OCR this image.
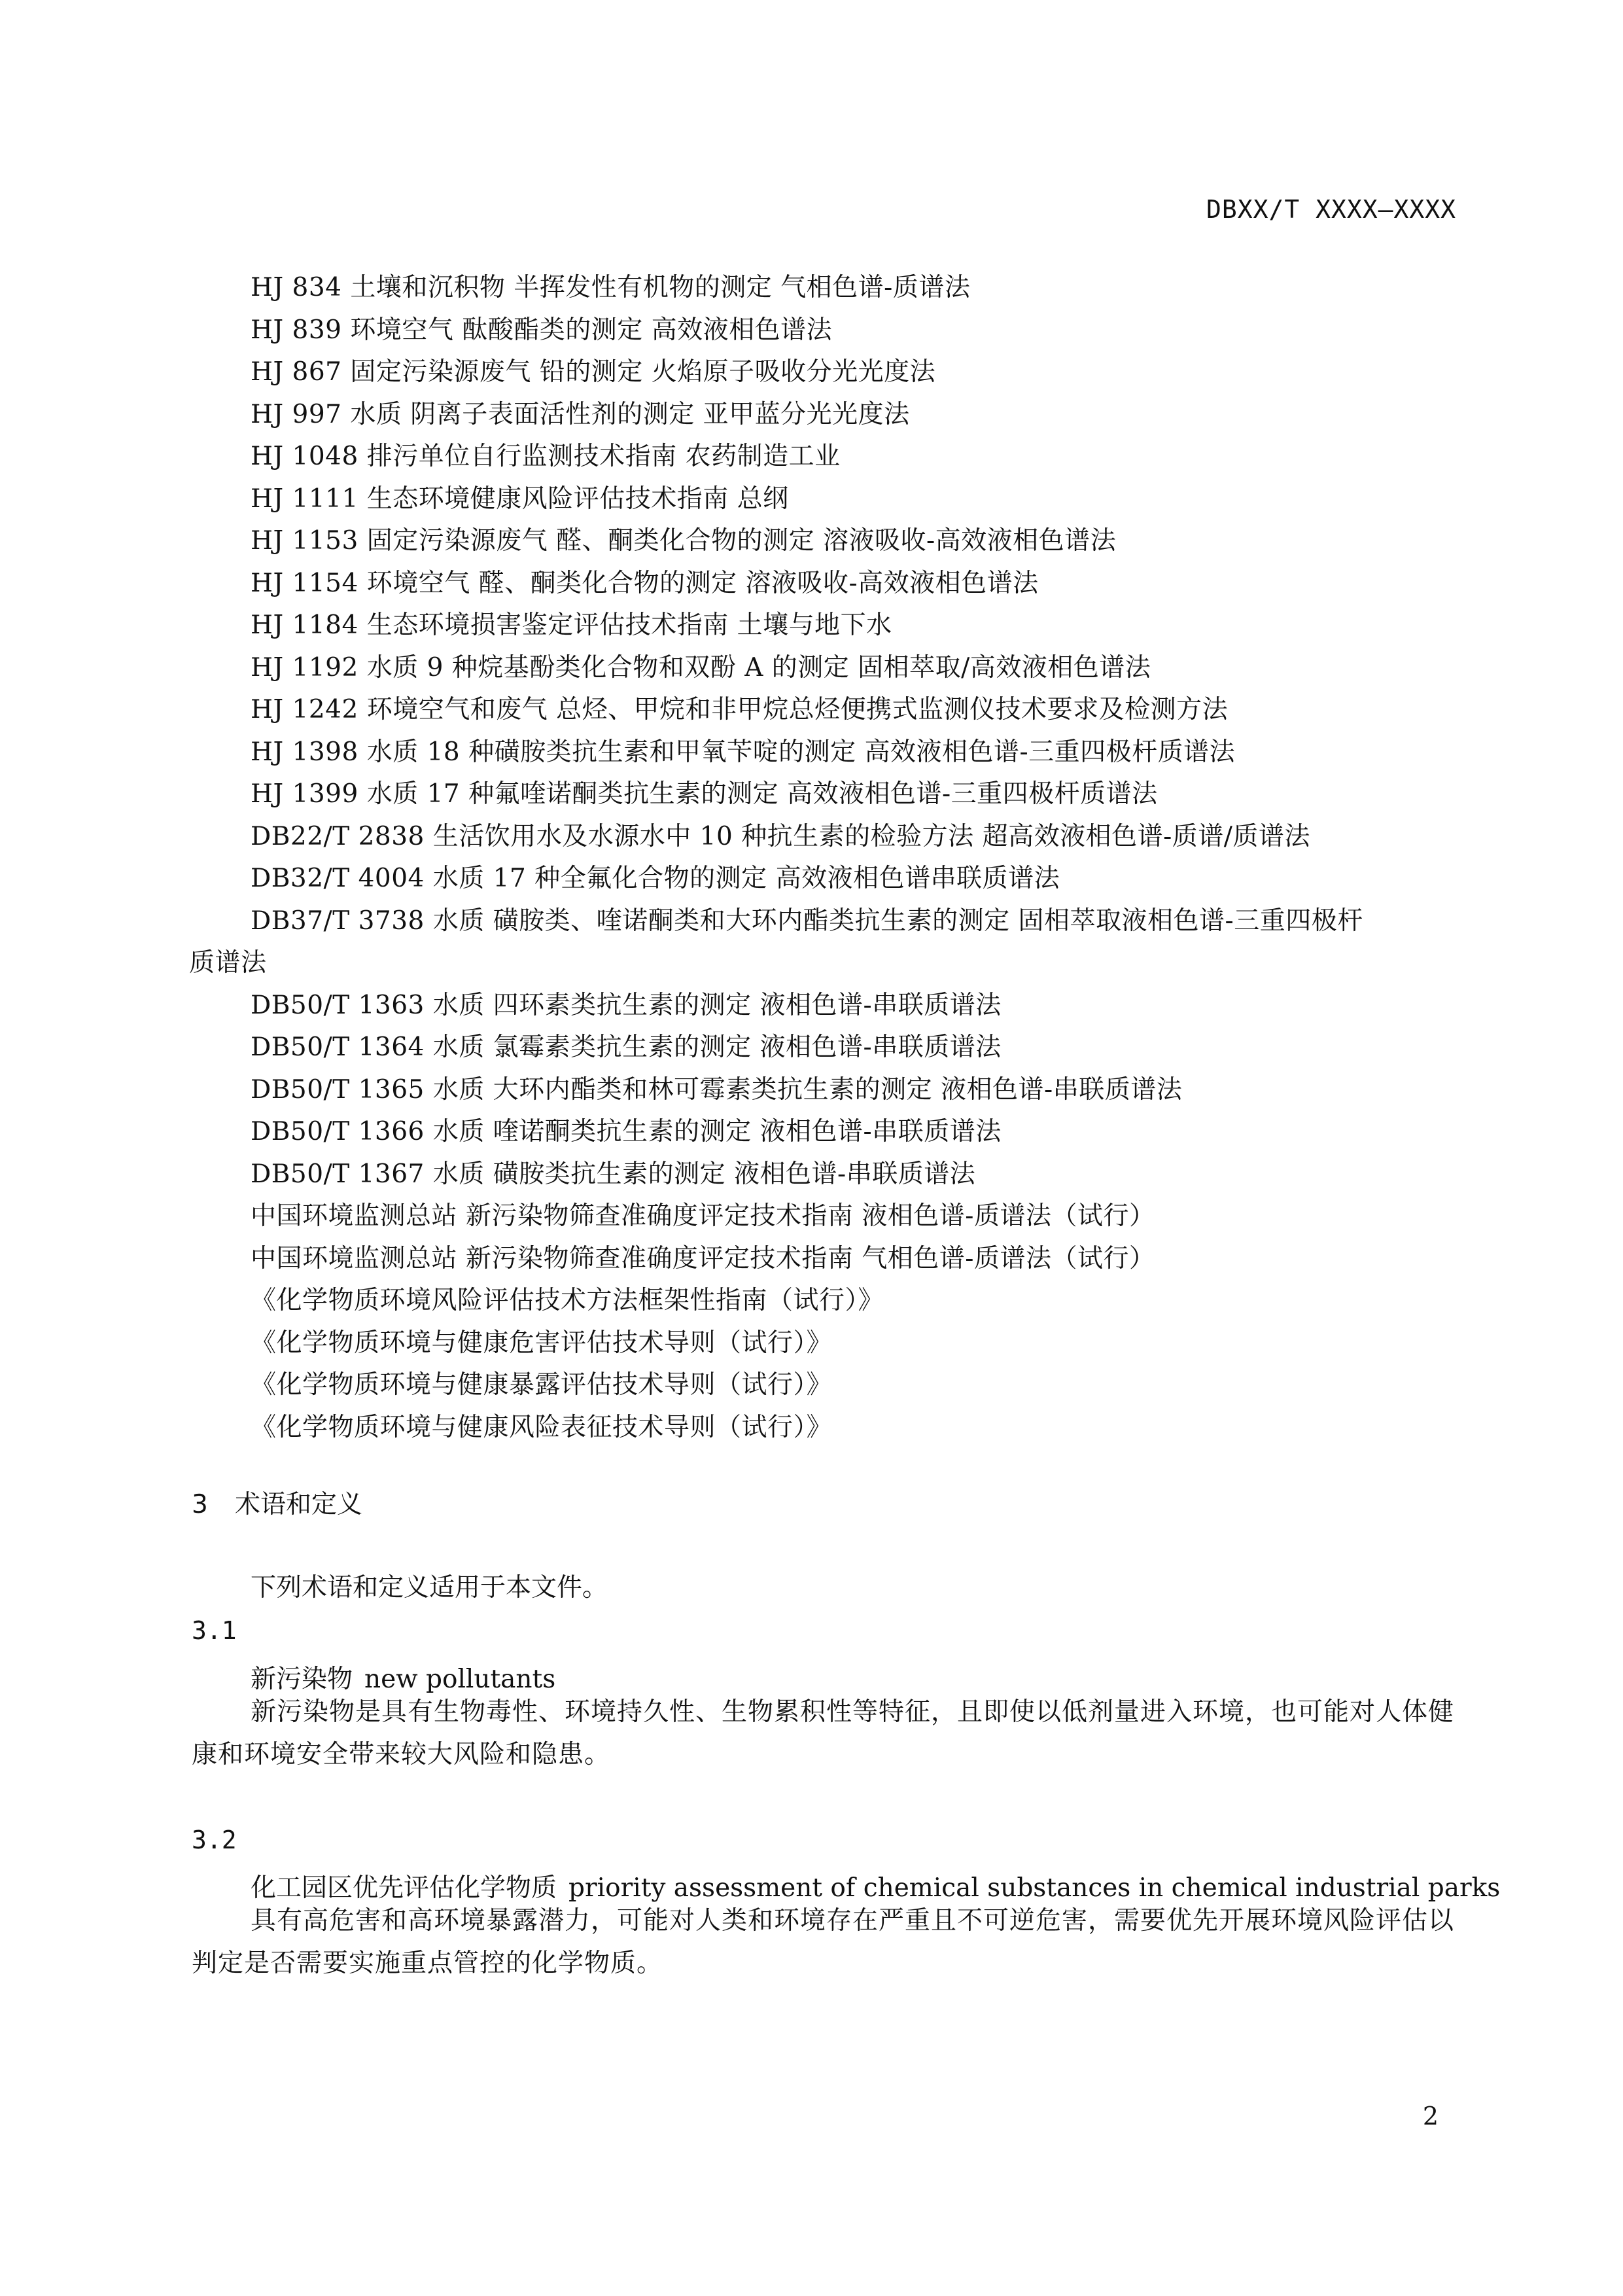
DBXX/T XXXX—XXXX
HJ 834 土壤和沉积物 半挥发性有机物的测定 气相色谱-质谱法
HJ 839 环境空气 酞酸酯类的测定 高效液相色谱法
HJ 867 固定污染源废气 铅的测定 火焰原子吸收分光光度法
HJ 997 水质 阴离子表面活性剂的测定 亚甲蓝分光光度法
HJ 1048 排污单位自行监测技术指南 农药制造工业
HJ 1111 生态环境健康风险评估技术指南 总纲
HJ 1153 固定污染源废气 醛、酮类化合物的测定 溶液吸收-高效液相色谱法
HJ 1154 环境空气 醛、酮类化合物的测定 溶液吸收-高效液相色谱法
HJ 1184 生态环境损害鉴定评估技术指南 土壤与地下水
HJ 1192 水质 9 种烷基酚类化合物和双酚 A 的测定 固相萃取/高效液相色谱法
HJ 1242 环境空气和废气 总烃、甲烷和非甲烷总烃便携式监测仪技术要求及检测方法
HJ 1398 水质 18 种磺胺类抗生素和甲氧苄啶的测定 高效液相色谱-三重四极杆质谱法
HJ 1399 水质 17 种氟喹诺酮类抗生素的测定 高效液相色谱-三重四极杆质谱法
DB22/T 2838 生活饮用水及水源水中 10 种抗生素的检验方法 超高效液相色谱-质谱/质谱法
DB32/T 4004 水质 17 种全氟化合物的测定 高效液相色谱串联质谱法
DB37/T 3738 水质 磺胺类、喹诺酮类和大环内酯类抗生素的测定 固相萃取液相色谱-三重四极杆
质谱法
DB50/T 1363 水质 四环素类抗生素的测定 液相色谱-串联质谱法
DB50/T 1364 水质 氯霉素类抗生素的测定 液相色谱-串联质谱法
DB50/T 1365 水质 大环内酯类和林可霉素类抗生素的测定 液相色谱-串联质谱法
DB50/T 1366 水质 喹诺酮类抗生素的测定 液相色谱-串联质谱法
DB50/T 1367 水质 磺胺类抗生素的测定 液相色谱-串联质谱法
中国环境监测总站 新污染物筛查准确度评定技术指南 液相色谱-质谱法（试行）
中国环境监测总站 新污染物筛查准确度评定技术指南 气相色谱-质谱法（试行）
《化学物质环境风险评估技术方法框架性指南（试行）》
《化学物质环境与健康危害评估技术导则（试行）》
《化学物质环境与健康暴露评估技术导则（试行）》
《化学物质环境与健康风险表征技术导则（试行）》
3 术语和定义
下列术语和定义适用于本文件。
3.1
新污染物 new pollutants
新污染物是具有生物毒性、环境持久性、生物累积性等特征，且即使以低剂量进入环境，也可能对人体健康和环境安全带来较大风险和隐患。
3.2
化工园区优先评估化学物质 priority assessment of chemical substances in chemical industrial parks
具有高危害和高环境暴露潜力，可能对人类和环境存在严重且不可逆危害，需要优先开展环境风险评估以判定是否需要实施重点管控的化学物质。
2
